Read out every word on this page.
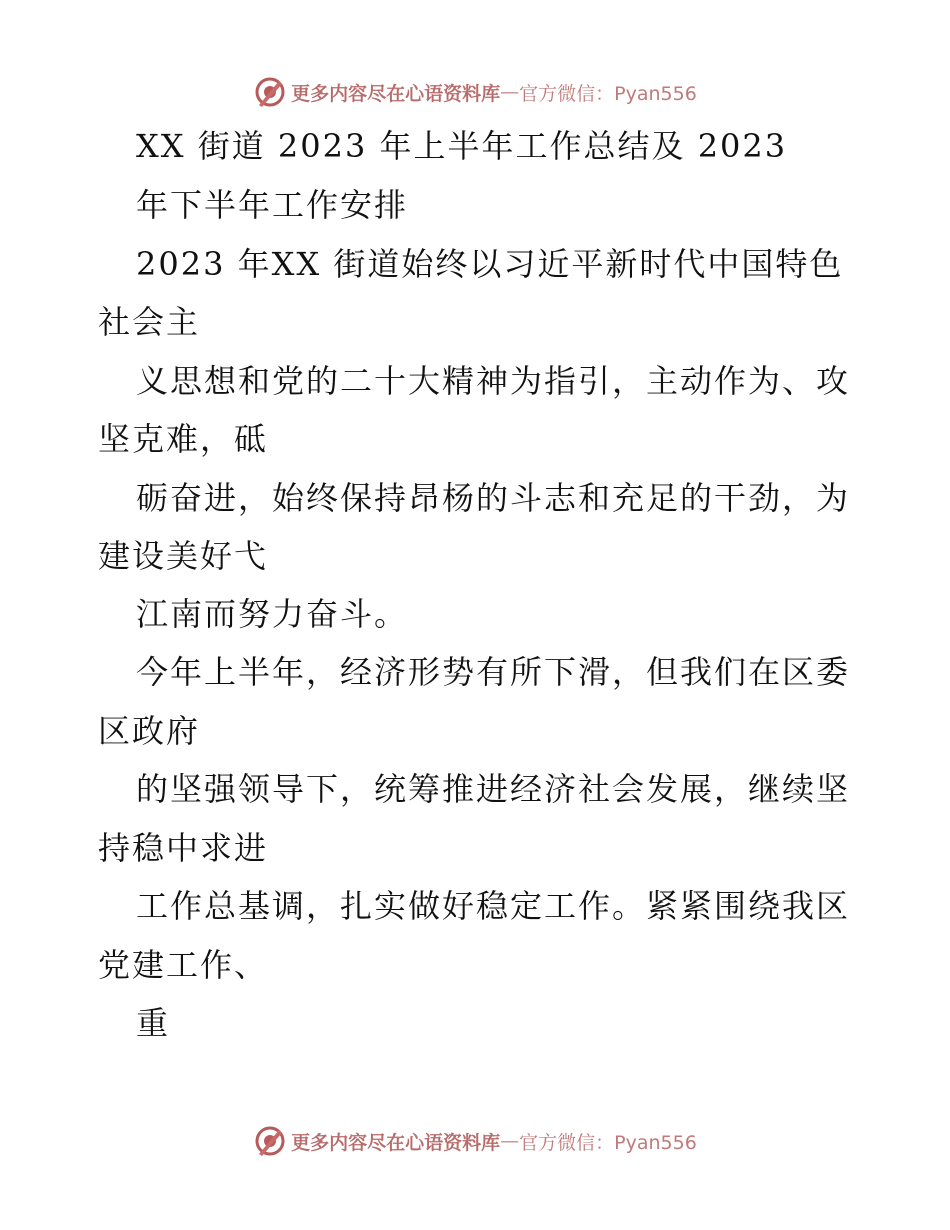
更多内容尽在心语资料库 — 官方微信：Pyan556
XX 街道 2023 年上半年工作总结及 2023
年下半年工作安排
2023 年XX 街道始终以习近平新时代中国特色
社会主
义思想和党的二十大精神为指引，主动作为、攻
坚克难，砥
砺奋进，始终保持昂杨的斗志和充足的干劲，为
建设美好弋
江南而努力奋斗。
今年上半年，经济形势有所下滑，但我们在区委
区政府
的坚强领导下，统筹推进经济社会发展，继续坚
持稳中求进
工作总基调，扎实做好稳定工作。紧紧围绕我区
党建工作、
重
更多内容尽在心语资料库 — 官方微信：Pyan556
